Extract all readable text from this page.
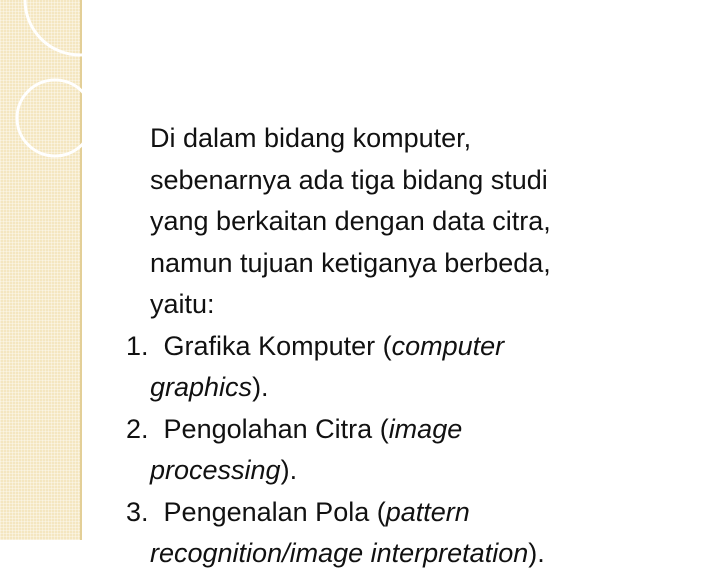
Di dalam bidang komputer,
sebenarnya ada tiga bidang studi
yang berkaitan dengan data citra,
namun tujuan ketiganya berbeda,
yaitu:
1. Grafika Komputer (computer
graphics).
2. Pengolahan Citra (image
processing).
3. Pengenalan Pola (pattern
recognition/image interpretation).
